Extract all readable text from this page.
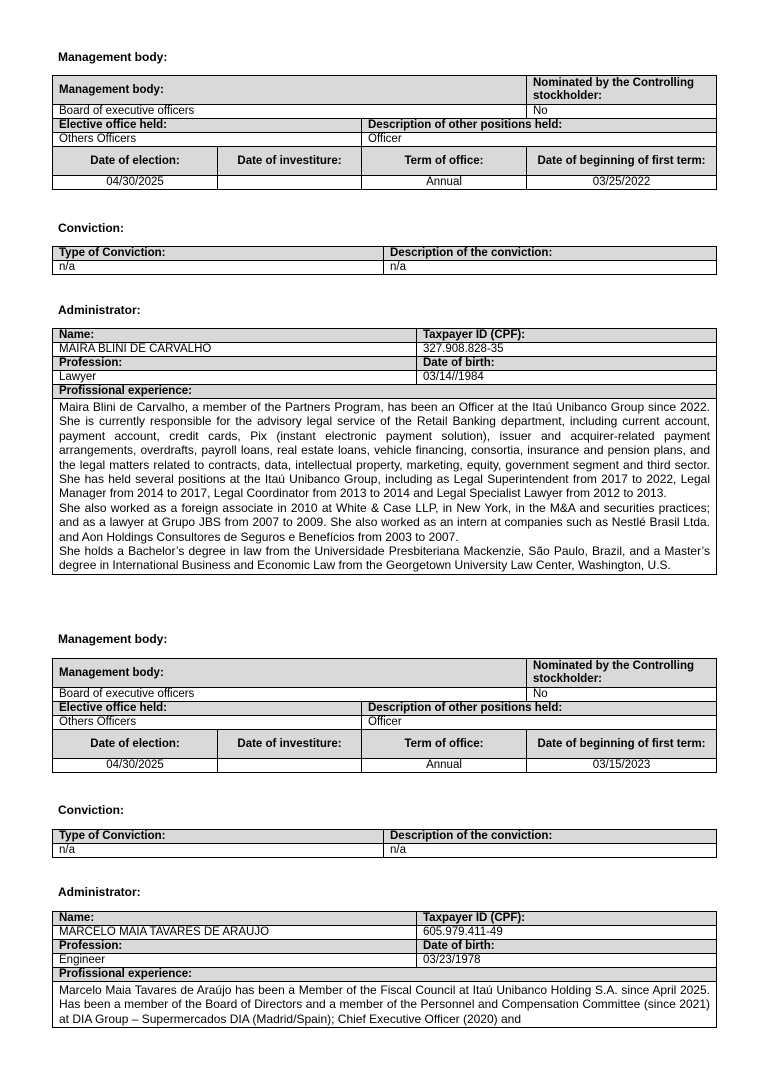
Management body:
Management body:			Nominated by the Controlling stockholder:
Board of executive officers			No
Elective office held:		Description of other positions held:	
Others Officers		Officer	
Date of election:	Date of investiture:	Term of office:	Date of beginning of first term:
04/30/2025		Annual	03/25/2022
Conviction:
Type of Conviction:	Description of the conviction:
n/a	n/a
Administrator:
Name:	Taxpayer ID (CPF):
MAIRA BLINI DE CARVALHO	327.908.828-35
Profession:	Date of birth:
Lawyer	03/14//1984
Profissional experience:	

Maira Blini de Carvalho, a member of the Partners Program, has been an Officer at the Itaú Unibanco Group since 2022. She is currently responsible for the advisory legal service of the Retail Banking department, including current account, payment account, credit cards, Pix (instant electronic payment solution), issuer and acquirer-related payment arrangements, overdrafts, payroll loans, real estate loans, vehicle financing, consortia, insurance and pension plans, and the legal matters related to contracts, data, intellectual property, marketing, equity, government segment and third sector. She has held several positions at the Itaú Unibanco Group, including as Legal Superintendent from 2017 to 2022, Legal Manager from 2014 to 2017, Legal Coordinator from 2013 to 2014 and Legal Specialist Lawyer from 2012 to 2013.

She also worked as a foreign associate in 2010 at White & Case LLP, in New York, in the M&A and securities practices; and as a lawyer at Grupo JBS from 2007 to 2009. She also worked as an intern at companies such as Nestlé Brasil Ltda. and Aon Holdings Consultores de Seguros e Benefícios from 2003 to 2007.

She holds a Bachelor’s degree in law from the Universidade Presbiteriana Mackenzie, São Paulo, Brazil, and a Master’s degree in International Business and Economic Law from the Georgetown University Law Center, Washington, U.S.	

Management body:
Management body:			Nominated by the Controlling stockholder:
Board of executive officers			No
Elective office held:		Description of other positions held:	
Others Officers		Officer	
Date of election:	Date of investiture:	Term of office:	Date of beginning of first term:
04/30/2025		Annual	03/15/2023
Conviction:
Type of Conviction:	Description of the conviction:
n/a	n/a
Administrator:
Name:	Taxpayer ID (CPF):
MARCELO MAIA TAVARES DE ARAÚJO	605.979.411-49
Profession:	Date of birth:
Engineer	03/23/1978
Profissional experience:	

Marcelo Maia Tavares de Araújo has been a Member of the Fiscal Council at Itaú Unibanco Holding S.A. since April 2025. Has been a member of the Board of Directors and a member of the Personnel and Compensation Committee (since 2021) at DIA Group – Supermercados DIA (Madrid/Spain); Chief Executive Officer (2020) and	
